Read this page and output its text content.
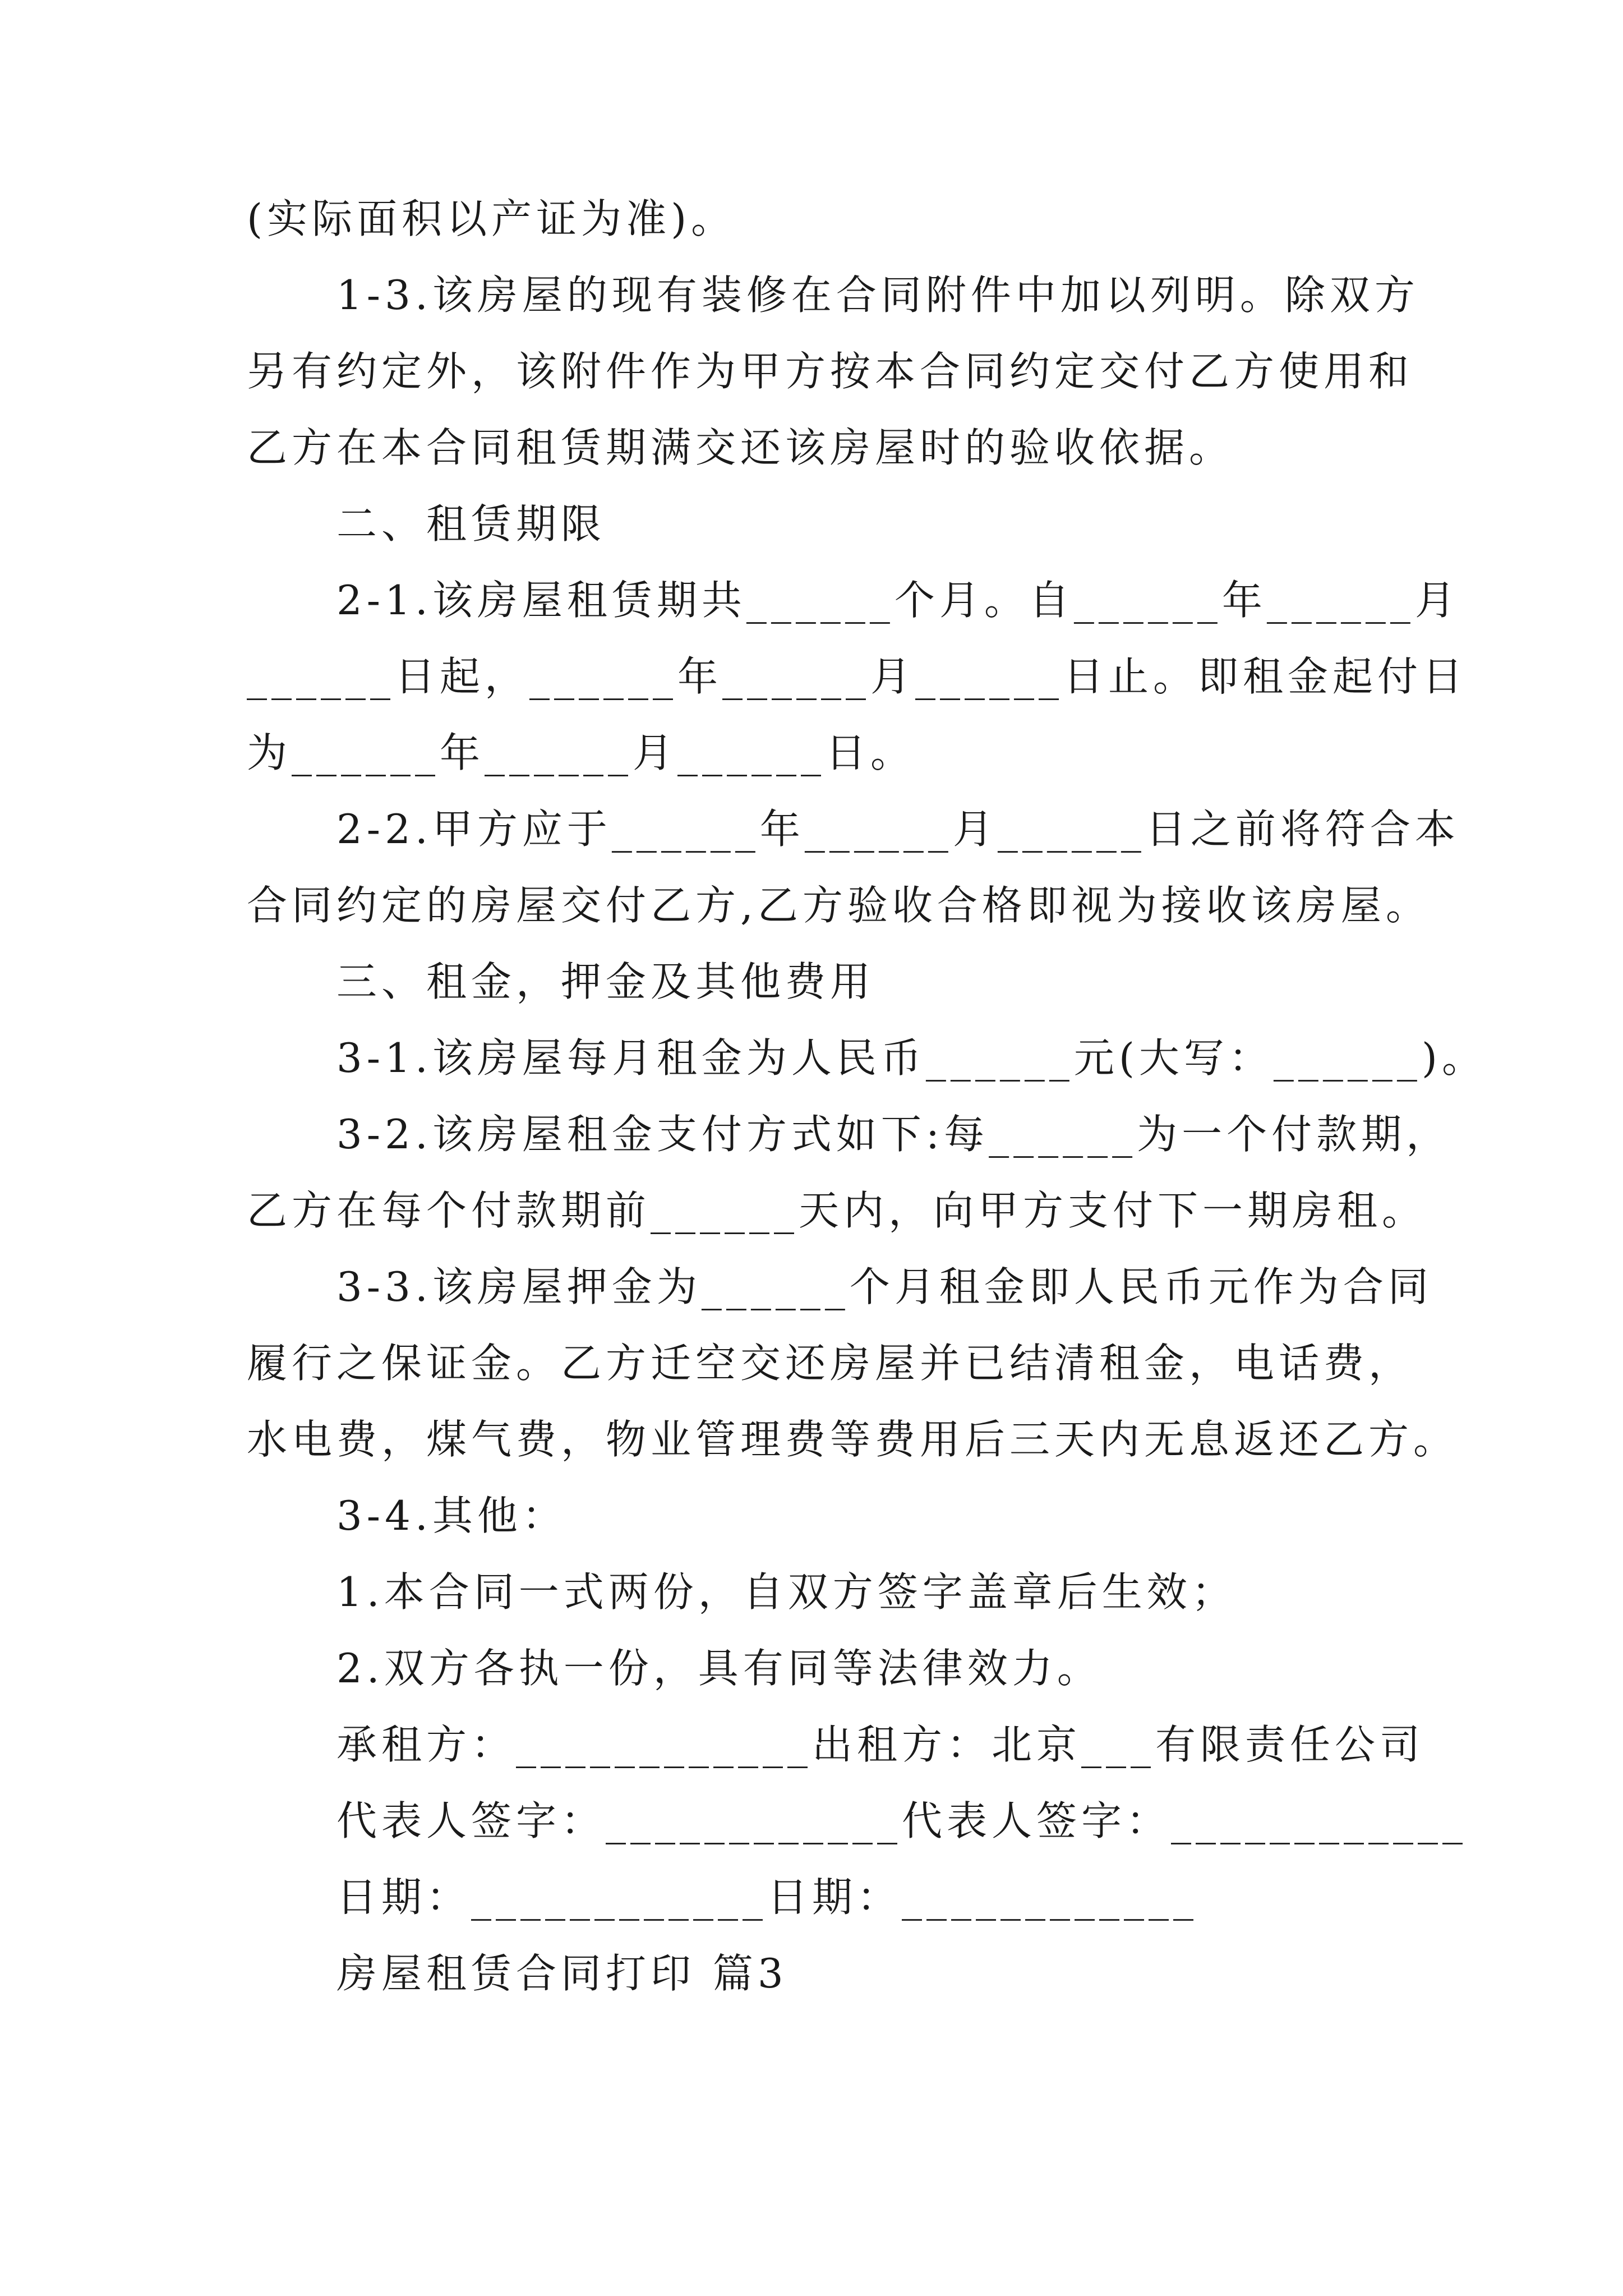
(实际面积以产证为准)。
1-3.该房屋的现有装修在合同附件中加以列明。除双方
另有约定外，该附件作为甲方按本合同约定交付乙方使用和
乙方在本合同租赁期满交还该房屋时的验收依据。
二、租赁期限
2-1.该房屋租赁期共______个月。自______年______月
______日起，______年______月______日止。即租金起付日
为______年______月______日。
2-2.甲方应于______年______月______日之前将符合本
合同约定的房屋交付乙方,乙方验收合格即视为接收该房屋。
三、租金，押金及其他费用
3-1.该房屋每月租金为人民币______元(大写：______)。
3-2.该房屋租金支付方式如下:每______为一个付款期，
乙方在每个付款期前______天内，向甲方支付下一期房租。
3-3.该房屋押金为______个月租金即人民币元作为合同
履行之保证金。乙方迁空交还房屋并已结清租金，电话费，
水电费，煤气费，物业管理费等费用后三天内无息返还乙方。
3-4.其他：
1.本合同一式两份，自双方签字盖章后生效；
2.双方各执一份，具有同等法律效力。
承租方：____________出租方：北京___有限责任公司
代表人签字：____________代表人签字：____________
日期：____________日期：____________
房屋租赁合同打印 篇3
